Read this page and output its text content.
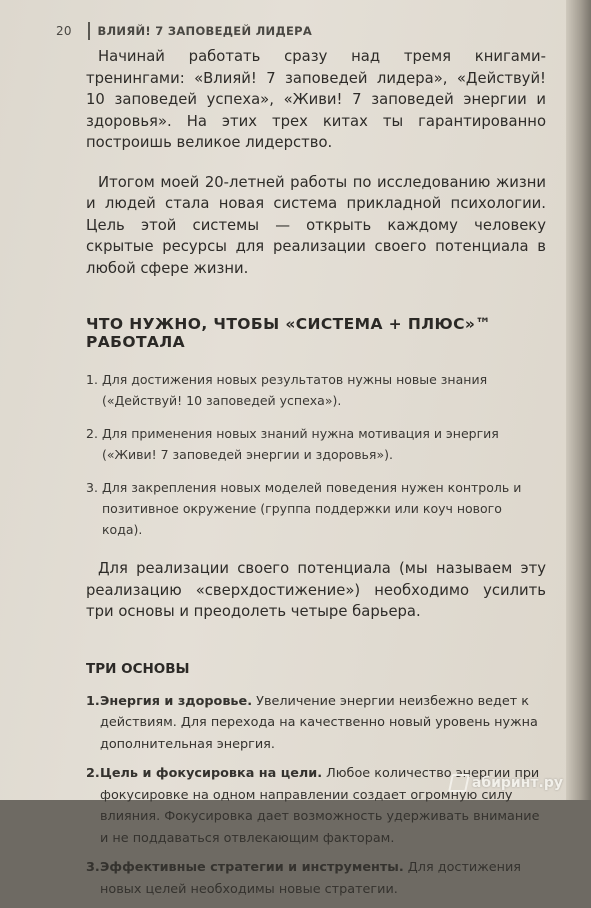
20	ВЛИЯЙ! 7 ЗАПОВЕДЕЙ ЛИДЕРА

Начинай работать сразу над тремя книгами-тренингами: «Влияй! 7 заповедей лидера», «Действуй! 10 заповедей успеха», «Живи! 7 заповедей энергии и здоровья». На этих трех китах ты гарантированно построишь великое лидерство.

Итогом моей 20-летней работы по исследованию жизни и людей стала новая система прикладной психологии. Цель этой системы — открыть каждому человеку скрытые ресурсы для реализации своего потенциала в любой сфере жизни.

ЧТО НУЖНО, ЧТОБЫ «СИСТЕМА + ПЛЮС»™ РАБОТАЛА
1. Для достижения новых результатов нужны новые знания («Действуй! 10 заповедей успеха»).
2. Для применения новых знаний нужна мотивация и энергия («Живи! 7 заповедей энергии и здоровья»).
3. Для закрепления новых моделей поведения нужен контроль и позитивное окружение (группа поддержки или коуч нового кода).

Для реализации своего потенциала (мы называем эту реализацию «сверхдостижение») необходимо усилить три основы и преодолеть четыре барьера.

ТРИ ОСНОВЫ
1. Энергия и здоровье. Увеличение энергии неизбежно ведет к действиям. Для перехода на качественно новый уровень нужна дополнительная энергия.
2. Цель и фокусировка на цели. Любое количество энергии при фокусировке на одном направлении создает огромную силу влияния. Фокусировка дает возможность удерживать внимание и не поддаваться отвлекающим факторам.
3. Эффективные стратегии и инструменты. Для достижения новых целей необходимы новые стратегии.
абиринт.ру
